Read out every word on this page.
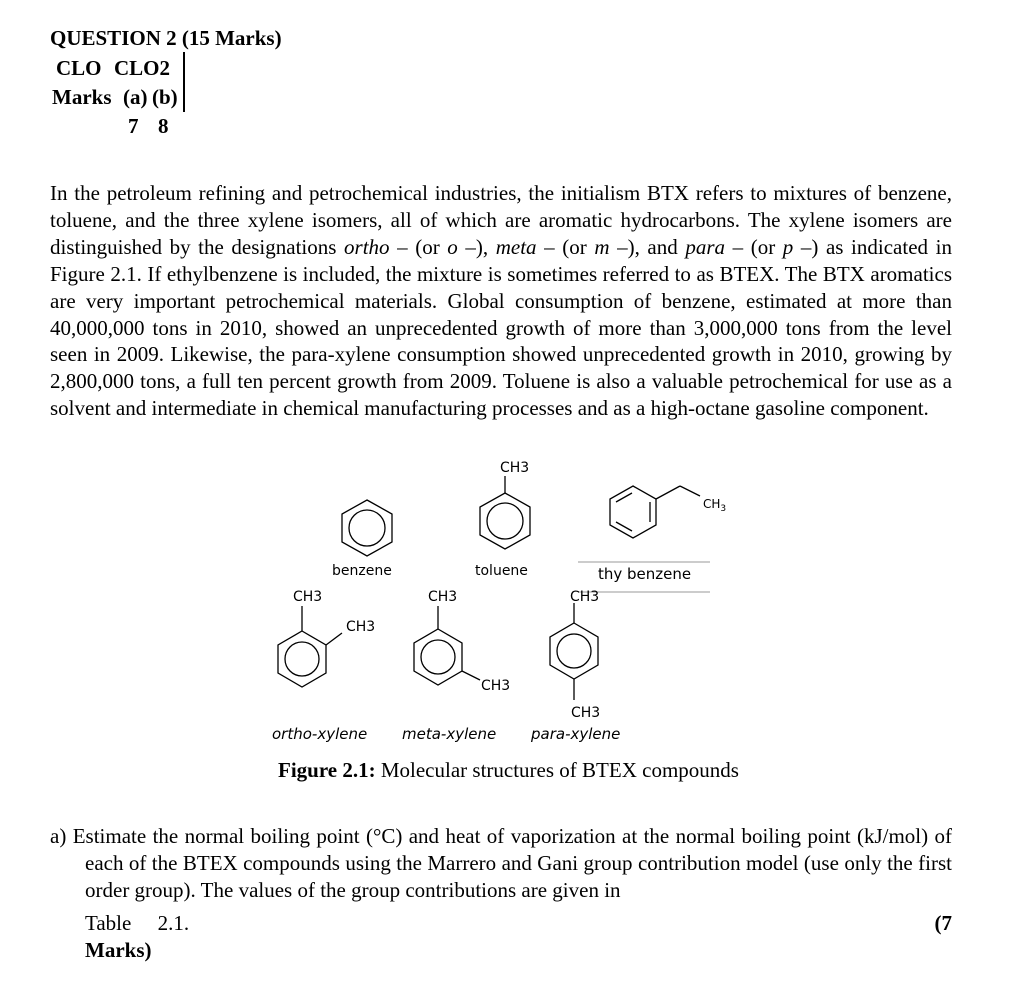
QUESTION 2 (15 Marks)
CLO CLO2
Marks (a) (b)
7 8
In the petroleum refining and petrochemical industries, the initialism BTX refers to mixtures of benzene, toluene, and the three xylene isomers, all of which are aromatic hydrocarbons. The xylene isomers are distinguished by the designations ortho – (or o –), meta – (or m –), and para – (or p –) as indicated in Figure 2.1. If ethylbenzene is included, the mixture is sometimes referred to as BTEX. The BTX aromatics are very important petrochemical materials. Global consumption of benzene, estimated at more than 40,000,000 tons in 2010, showed an unprecedented growth of more than 3,000,000 tons from the level seen in 2009. Likewise, the para-xylene consumption showed unprecedented growth in 2010, growing by 2,800,000 tons, a full ten percent growth from 2009. Toluene is also a valuable petrochemical for use as a solvent and intermediate in chemical manufacturing processes and as a high-octane gasoline component.
CH3
$CH_3$
benzene	toluene	thy benzene
CH3
CH3
CH3
CH3
CH3
CH3
ortho-xylene meta-xylene para-xylene
Figure 2.1: Molecular structures of BTEX compounds
a) Estimate the normal boiling point (°C) and heat of vaporization at the normal boiling point (kJ/mol) of each of the BTEX compounds using the Marrero and Gani group contribution model (use only the first order group). The values of the group contributions are given in
Table 2.1.	(7
Marks)
